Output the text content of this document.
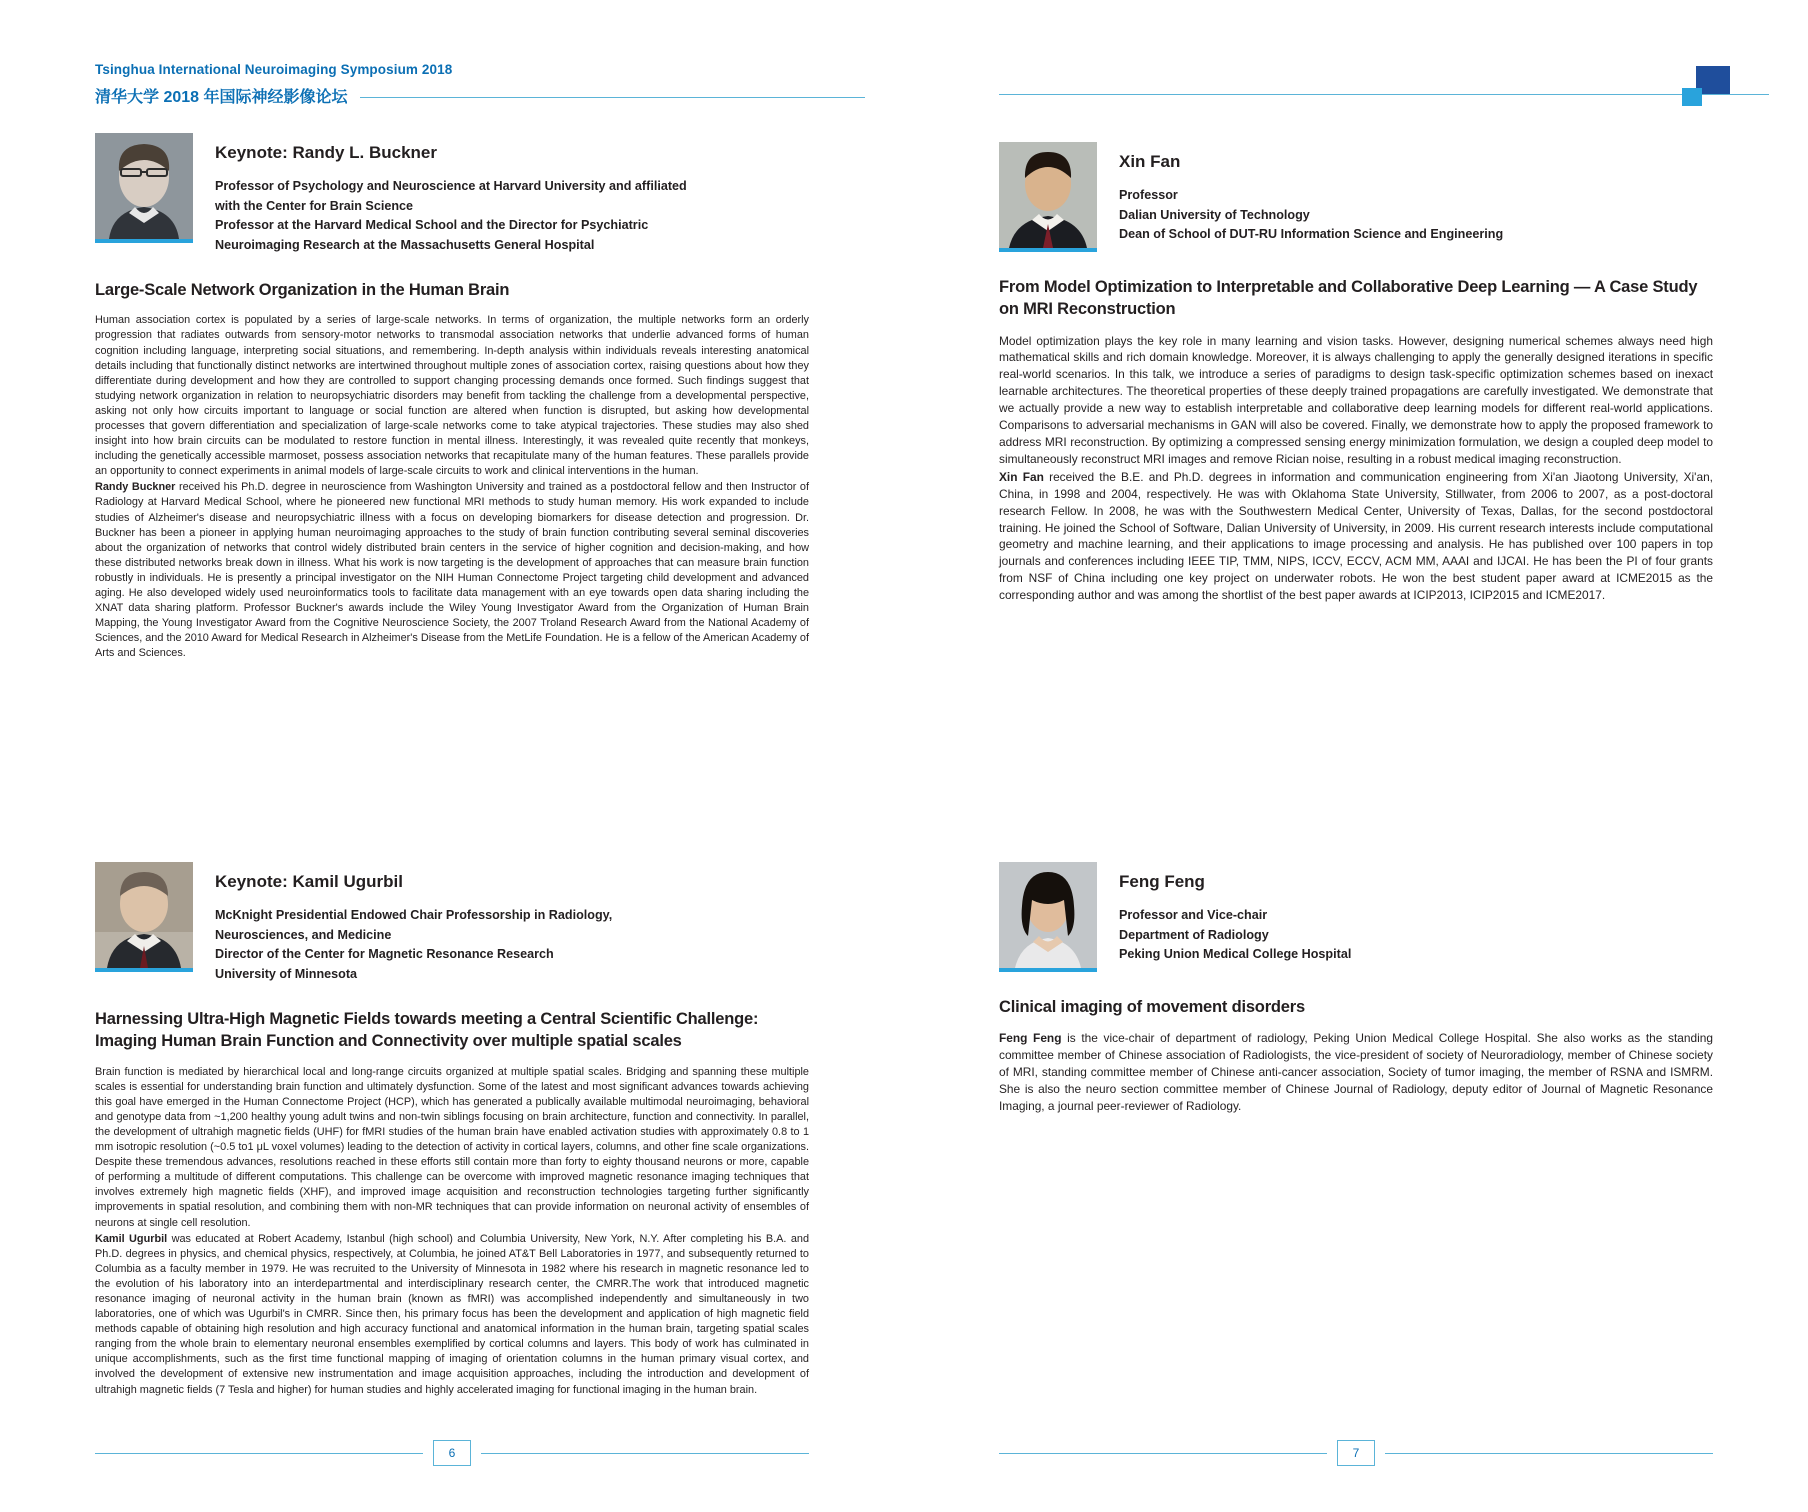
Tsinghua International Neuroimaging Symposium 2018
清华大学 2018 年国际神经影像论坛
Keynote: Randy L. Buckner
Professor of Psychology and Neuroscience at Harvard University and affiliated
with the Center for Brain Science
Professor at the Harvard Medical School and the Director for Psychiatric
Neuroimaging Research at the Massachusetts General Hospital
Large-Scale Network Organization in the Human Brain

Human association cortex is populated by a series of large-scale networks. In terms of organization, the multiple networks form an orderly progression that radiates outwards from sensory-motor networks to transmodal association networks that underlie advanced forms of human cognition including language, interpreting social situations, and remembering. In-depth analysis within individuals reveals interesting anatomical details including that functionally distinct networks are intertwined throughout multiple zones of association cortex, raising questions about how they differentiate during development and how they are controlled to support changing processing demands once formed. Such findings suggest that studying network organization in relation to neuropsychiatric disorders may benefit from tackling the challenge from a developmental perspective, asking not only how circuits important to language or social function are altered when function is disrupted, but asking how developmental processes that govern differentiation and specialization of large-scale networks come to take atypical trajectories. These studies may also shed insight into how brain circuits can be modulated to restore function in mental illness. Interestingly, it was revealed quite recently that monkeys, including the genetically accessible marmoset, possess association networks that recapitulate many of the human features. These parallels provide an opportunity to connect experiments in animal models of large-scale circuits to work and clinical interventions in the human.

Randy Buckner received his Ph.D. degree in neuroscience from Washington University and trained as a postdoctoral fellow and then Instructor of Radiology at Harvard Medical School, where he pioneered new functional MRI methods to study human memory. His work expanded to include studies of Alzheimer's disease and neuropsychiatric illness with a focus on developing biomarkers for disease detection and progression. Dr. Buckner has been a pioneer in applying human neuroimaging approaches to the study of brain function contributing several seminal discoveries about the organization of networks that control widely distributed brain centers in the service of higher cognition and decision-making, and how these distributed networks break down in illness. What his work is now targeting is the development of approaches that can measure brain function robustly in individuals. He is presently a principal investigator on the NIH Human Connectome Project targeting child development and advanced aging. He also developed widely used neuroinformatics tools to facilitate data management with an eye towards open data sharing including the XNAT data sharing platform. Professor Buckner's awards include the Wiley Young Investigator Award from the Organization of Human Brain Mapping, the Young Investigator Award from the Cognitive Neuroscience Society, the 2007 Troland Research Award from the National Academy of Sciences, and the 2010 Award for Medical Research in Alzheimer's Disease from the MetLife Foundation. He is a fellow of the American Academy of Arts and Sciences.

Keynote: Kamil Ugurbil
McKnight Presidential Endowed Chair Professorship in Radiology,
Neurosciences, and Medicine
Director of the Center for Magnetic Resonance Research
University of Minnesota
Harnessing Ultra-High Magnetic Fields towards meeting a Central Scientific Challenge: Imaging Human Brain Function and Connectivity over multiple spatial scales

Brain function is mediated by hierarchical local and long-range circuits organized at multiple spatial scales. Bridging and spanning these multiple scales is essential for understanding brain function and ultimately dysfunction. Some of the latest and most significant advances towards achieving this goal have emerged in the Human Connectome Project (HCP), which has generated a publically available multimodal neuroimaging, behavioral and genotype data from ~1,200 healthy young adult twins and non-twin siblings focusing on brain architecture, function and connectivity. In parallel, the development of ultrahigh magnetic fields (UHF) for fMRI studies of the human brain have enabled activation studies with approximately 0.8 to 1 mm isotropic resolution (~0.5 to1 μL voxel volumes) leading to the detection of activity in cortical layers, columns, and other fine scale organizations. Despite these tremendous advances, resolutions reached in these efforts still contain more than forty to eighty thousand neurons or more, capable of performing a multitude of different computations. This challenge can be overcome with improved magnetic resonance imaging techniques that involves extremely high magnetic fields (XHF), and improved image acquisition and reconstruction technologies targeting further significantly improvements in spatial resolution, and combining them with non-MR techniques that can provide information on neuronal activity of ensembles of neurons at single cell resolution.

Kamil Ugurbil was educated at Robert Academy, Istanbul (high school) and Columbia University, New York, N.Y. After completing his B.A. and Ph.D. degrees in physics, and chemical physics, respectively, at Columbia, he joined AT&T Bell Laboratories in 1977, and subsequently returned to Columbia as a faculty member in 1979. He was recruited to the University of Minnesota in 1982 where his research in magnetic resonance led to the evolution of his laboratory into an interdepartmental and interdisciplinary research center, the CMRR.The work that introduced magnetic resonance imaging of neuronal activity in the human brain (known as fMRI) was accomplished independently and simultaneously in two laboratories, one of which was Ugurbil's in CMRR. Since then, his primary focus has been the development and application of high magnetic field methods capable of obtaining high resolution and high accuracy functional and anatomical information in the human brain, targeting spatial scales ranging from the whole brain to elementary neuronal ensembles exemplified by cortical columns and layers. This body of work has culminated in unique accomplishments, such as the first time functional mapping of imaging of orientation columns in the human primary visual cortex, and involved the development of extensive new instrumentation and image acquisition approaches, including the introduction and development of ultrahigh magnetic fields (7 Tesla and higher) for human studies and highly accelerated imaging for functional imaging in the human brain.

6
Xin Fan
Professor
Dalian University of Technology
Dean of School of DUT-RU Information Science and Engineering
From Model Optimization to Interpretable and Collaborative Deep Learning — A Case Study on MRI Reconstruction

Model optimization plays the key role in many learning and vision tasks. However, designing numerical schemes always need high mathematical skills and rich domain knowledge. Moreover, it is always challenging to apply the generally designed iterations in specific real-world scenarios. In this talk, we introduce a series of paradigms to design task-specific optimization schemes based on inexact learnable architectures. The theoretical properties of these deeply trained propagations are carefully investigated. We demonstrate that we actually provide a new way to establish interpretable and collaborative deep learning models for different real-world applications. Comparisons to adversarial mechanisms in GAN will also be covered. Finally, we demonstrate how to apply the proposed framework to address MRI reconstruction. By optimizing a compressed sensing energy minimization formulation, we design a coupled deep model to simultaneously reconstruct MRI images and remove Rician noise, resulting in a robust medical imaging reconstruction.

Xin Fan received the B.E. and Ph.D. degrees in information and communication engineering from Xi'an Jiaotong University, Xi'an, China, in 1998 and 2004, respectively. He was with Oklahoma State University, Stillwater, from 2006 to 2007, as a post-doctoral research Fellow. In 2008, he was with the Southwestern Medical Center, University of Texas, Dallas, for the second postdoctoral training. He joined the School of Software, Dalian University of University, in 2009. His current research interests include computational geometry and machine learning, and their applications to image processing and analysis. He has published over 100 papers in top journals and conferences including IEEE TIP, TMM, NIPS, ICCV, ECCV, ACM MM, AAAI and IJCAI. He has been the PI of four grants from NSF of China including one key project on underwater robots. He won the best student paper award at ICME2015 as the corresponding author and was among the shortlist of the best paper awards at ICIP2013, ICIP2015 and ICME2017.

Feng Feng
Professor and Vice-chair
Department of Radiology
Peking Union Medical College Hospital
Clinical imaging of movement disorders

Feng Feng is the vice-chair of department of radiology, Peking Union Medical College Hospital. She also works as the standing committee member of Chinese association of Radiologists, the vice-president of society of Neuroradiology, member of Chinese society of MRI, standing committee member of Chinese anti-cancer association, Society of tumor imaging, the member of RSNA and ISMRM. She is also the neuro section committee member of Chinese Journal of Radiology, deputy editor of Journal of Magnetic Resonance Imaging, a journal peer-reviewer of Radiology.

7
